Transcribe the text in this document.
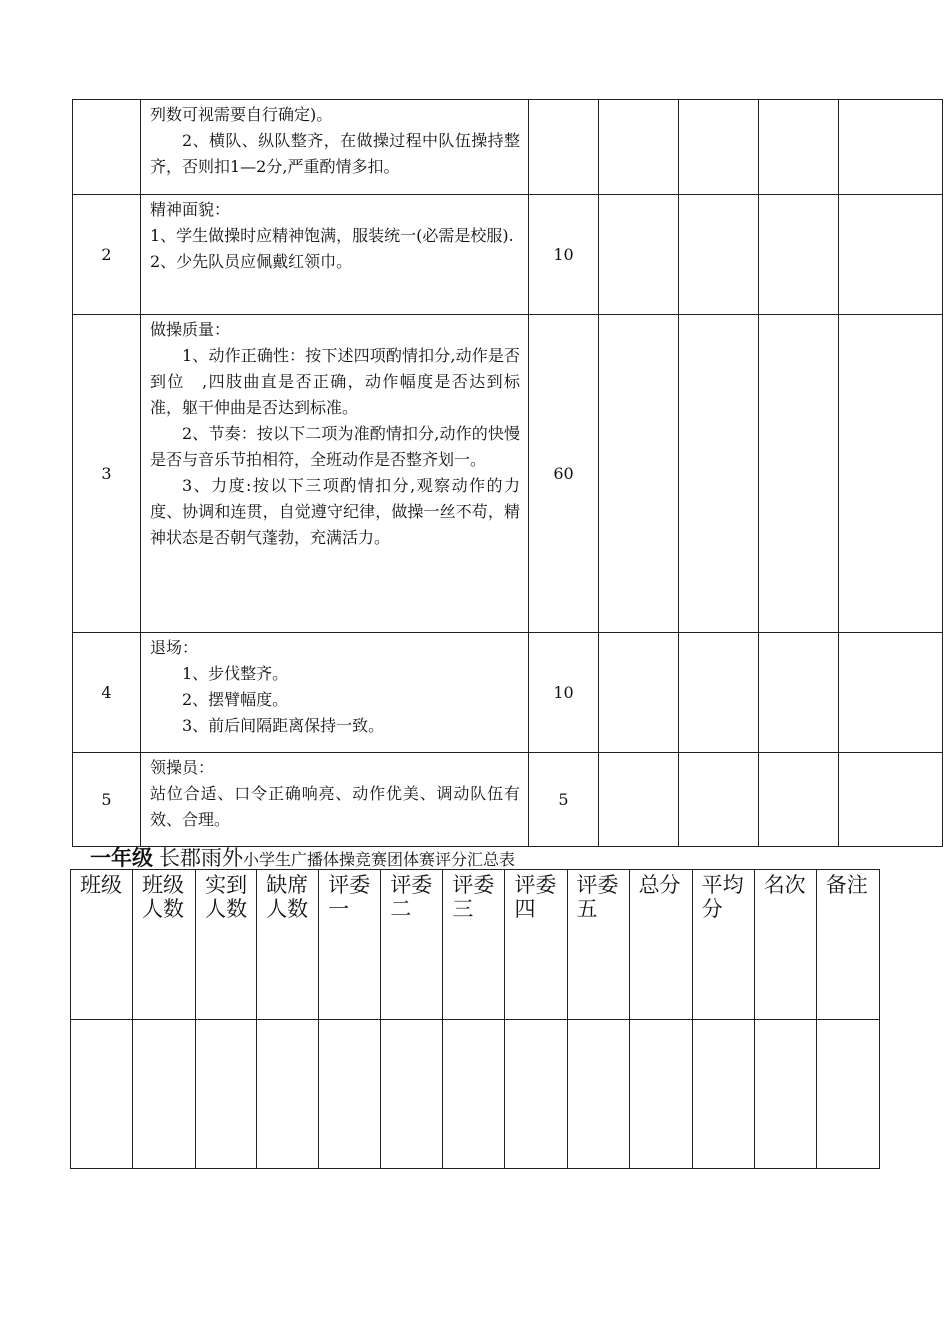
	列数可视需要自行确定)。
2、横队、纵队整齐，在做操过程中队伍操持整齐，否则扣1—2分,严重酌情多扣。					

2	精神面貌：
1、学生做操时应精神饱满，服装统一(必需是校服).
2、少先队员应佩戴红领巾。	10				
3	做操质量：
1、动作正确性：按下述四项酌情扣分,动作是否到位　,四肢曲直是否正确，动作幅度是否达到标准，躯干伸曲是否达到标准。
2、节奏：按以下二项为准酌情扣分,动作的快慢是否与音乐节拍相符，全班动作是否整齐划一。
3、力度:按以下三项酌情扣分,观察动作的力度、协调和连贯，自觉遵守纪律，做操一丝不苟，精神状态是否朝气蓬勃，充满活力。	60				
4	退场：
1、步伐整齐。
2、摆臂幅度。
3、前后间隔距离保持一致。	10				
5	领操员：
站位合适、口令正确响亮、动作优美、调动队伍有效、合理。	5				
一年级 长郡雨外小学生广播体操竞赛团体赛评分汇总表
班级	班级人数	实到人数	缺席人数	评委一	评委二	评委三	评委四	评委五	总分	平均分	名次	备注
